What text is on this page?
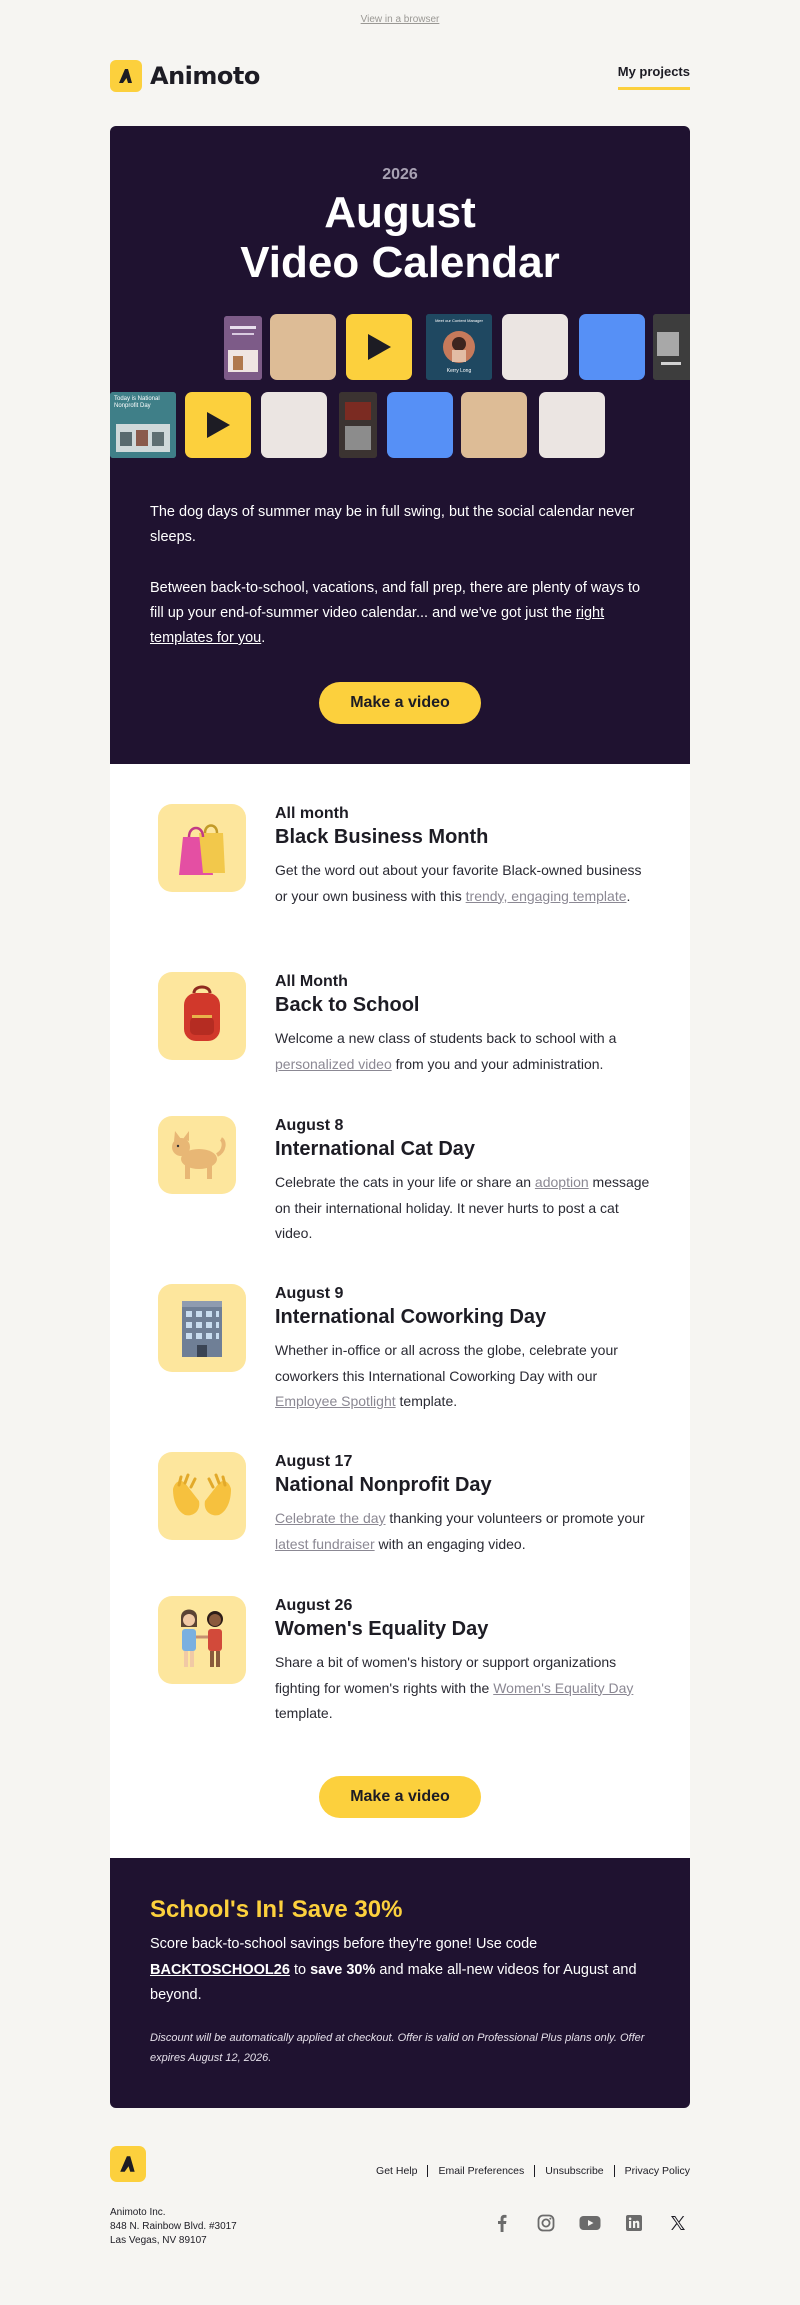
View in a browser
Animoto	My projects
2026
August
Video Calendar
Meet our Content Manager
Kerry Long
Today is National Nonprofit Day

The dog days of summer may be in full swing, but the social calendar never sleeps.

Between back-to-school, vacations, and fall prep, there are plenty of ways to fill up your end-of-summer video calendar... and we've got just the right templates for you.

Make a video
All month
Black Business Month

Get the word out about your favorite Black-owned business or your own business with this trendy, engaging template.

All Month
Back to School

Welcome a new class of students back to school with a personalized video from you and your administration.

August 8
International Cat Day

Celebrate the cats in your life or share an adoption message on their international holiday. It never hurts to post a cat video.

August 9
International Coworking Day

Whether in-office or all across the globe, celebrate your coworkers this International Coworking Day with our Employee Spotlight template.

August 17
National Nonprofit Day

Celebrate the day thanking your volunteers or promote your latest fundraiser with an engaging video.

August 26
Women's Equality Day

Share a bit of women's history or support organizations fighting for women's rights with the Women's Equality Day template.

Make a video
School's In! Save 30%

Score back-to-school savings before they're gone! Use code BACKTOSCHOOL26 to save 30% and make all-new videos for August and beyond.

Discount will be automatically applied at checkout. Offer is valid on Professional Plus plans only. Offer expires August 12, 2026.

Get Help	Email Preferences	Unsubscribe	Privacy Policy
Animoto Inc.
848 N. Rainbow Blvd. #3017
Las Vegas, NV 89107
